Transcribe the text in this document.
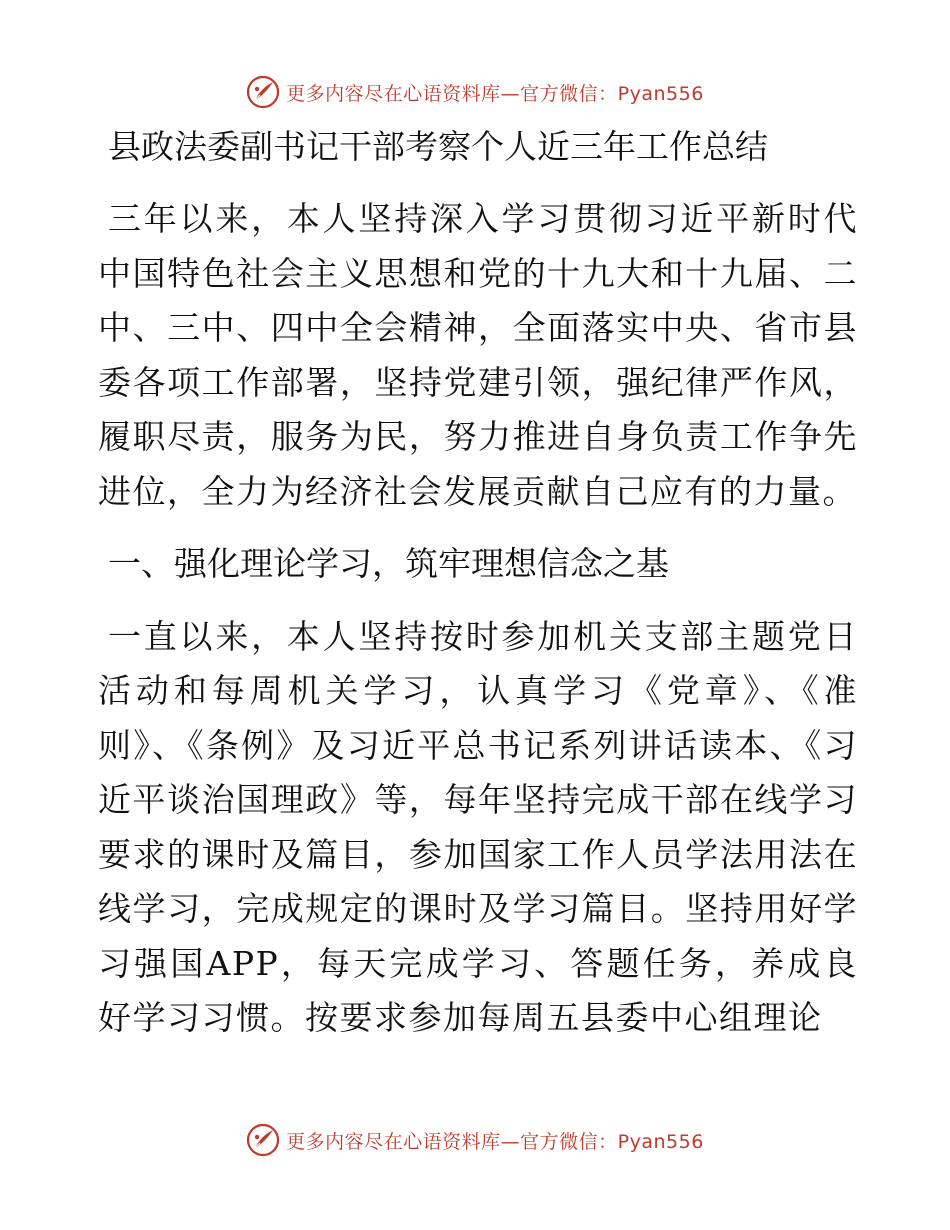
更多内容尽在心语资料库—官方微信：Pyan556
县政法委副书记干部考察个人近三年工作总结

三年以来，本人坚持深入学习贯彻习近平新时代中国特色社会主义思想和党的十九大和十九届、二中、三中、四中全会精神，全面落实中央、省市县委各项工作部署，坚持党建引领，强纪律严作风，履职尽责，服务为民，努力推进自身负责工作争先进位，全力为经济社会发展贡献自己应有的力量。

一、强化理论学习，筑牢理想信念之基

一直以来，本人坚持按时参加机关支部主题党日活动和每周机关学习，认真学习《党章》、《准则》、《条例》及习近平总书记系列讲话读本、《习近平谈治国理政》等，每年坚持完成干部在线学习要求的课时及篇目，参加国家工作人员学法用法在线学习，完成规定的课时及学习篇目。坚持用好学习强国APP，每天完成学习、答题任务，养成良好学习习惯。按要求参加每周五县委中心组理论

更多内容尽在心语资料库—官方微信：Pyan556
